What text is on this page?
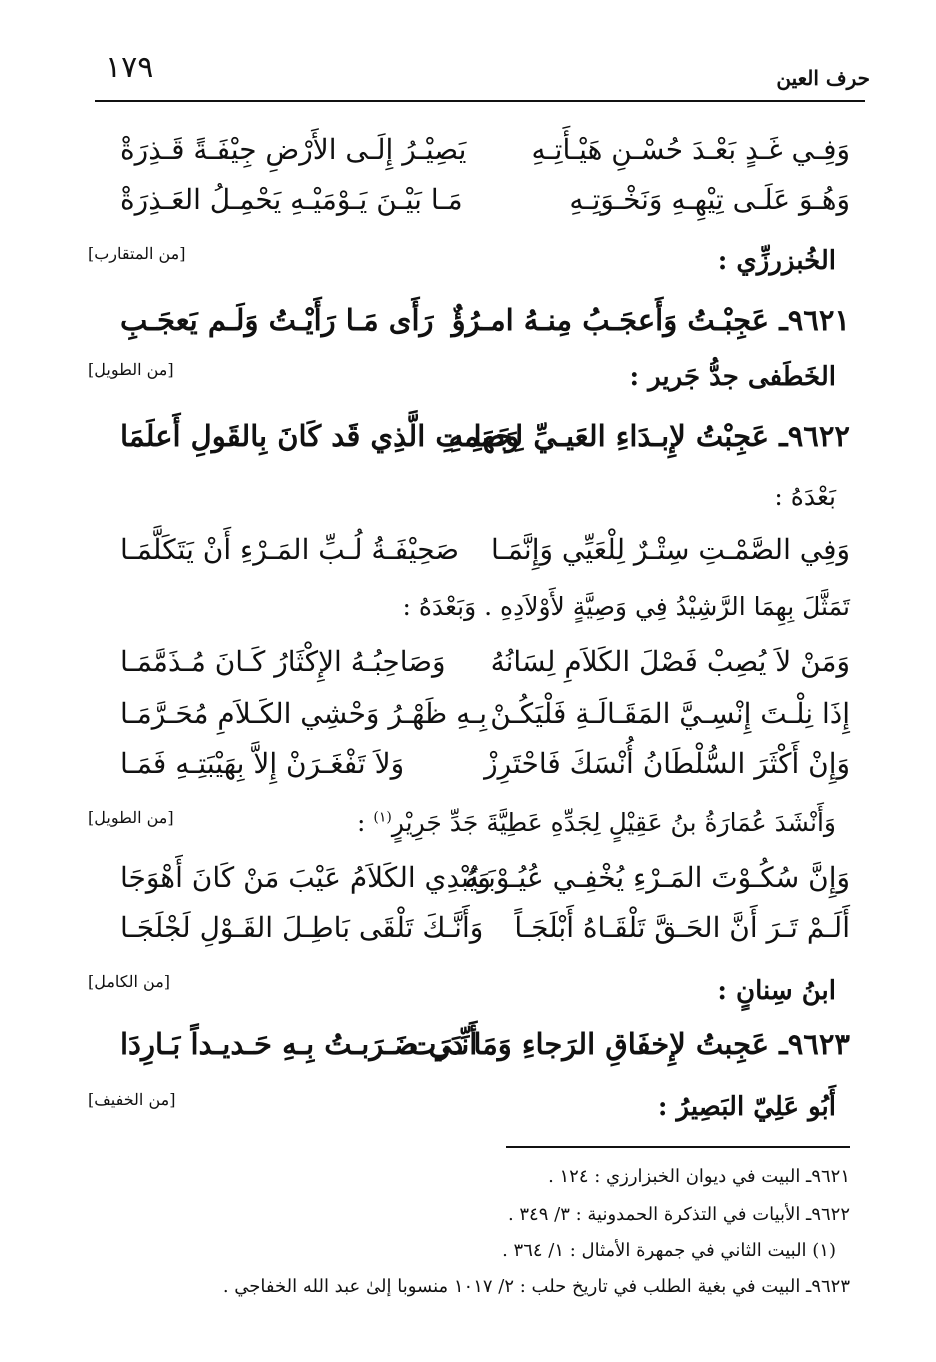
حرف العين
١٧٩
وَفِـي غَـدٍ بَعْـدَ حُسْـنِ هَيْـأَتِـهِ
يَصِيْـرُ إِلَـى الأَرْضِ جِيْفَـةً قَـذِرَةْ
وَهُـوَ عَلَـى تِيْهِـهِ وَنَخْـوَتِـهِ
مَـا بَيْـنَ يَـوْمَيْـهِ يَحْمِـلُ العَـذِرَةْ
الخُبزرزِّي :
[من المتقارب]
٩٦٢١ـ عَجِبْـتُ وَأَعجَـبُ مِنـهُ امـرُؤٌ
رَأَى مَـا رَأَيْـتُ وَلَـم يَعجَـبِ
الخَطَفى جدُّ جَرير :
[من الطويل]
٩٦٢٢ـ عَجِبْتُ لإِبـدَاءِ العَيـيِّ لِجَهلِـهِ
وَصَمتِ الَّذِي قَد كَانَ بِالقَولِ أَعلَمَا
بَعْدَهُ :
وَفِي الصَّمْـتِ سِتْـرٌ لِلْعَيِّي وَإِنَّمَـا
صَحِيْفَـةُ لُـبِّ المَـرْءِ أَنْ يَتَكَلَّمَـا
تَمَثَّلَ بِهِمَا الرَّشِيْدُ فِي وَصِيَّةٍ لأَوْلاَدِهِ . وَبَعْدَهُ :
وَمَنْ لاَ يُصِبْ فَصْلَ الكَلاَمِ لِسَانُهُ
وَصَاحِبُـهُ الإِكْثَارُ كَـانَ مُـذَمَّمَـا
إِذَا نِلْـتَ إِنْسِـيَّ المَقَـالَـةِ فَلْيَكُـنْ
بِـهِ ظَهْـرُ وَحْشِي الكَـلاَمِ مُحَـرَّمَـا
وَإِنْ أَكْثَرَ السُّلْطَانُ أُنْسَكَ فَاحْتَرِزْ
وَلاَ تَفْغَـرَنْ إِلاَّ بِهَيْبَتِـهِ فَمَـا
وَأَنْشَدَ عُمَارَةُ بنُ عَقِيْلٍ لِجَدِّهِ عَطِيَّةَ جَدِّ جَرِيْرٍ$^{(١)}$ :
[من الطويل]
وَإِنَّ سُكُـوْتَ المَـرْءِ يُخْفِـي عُيُـوْبَـهُ
وَيُبْدِي الكَلاَمُ عَيْبَ مَنْ كَانَ أَهْوَجَا
أَلَـمْ تَـرَ أَنَّ الحَـقَّ تَلْقَـاهُ أَبْلَجَـاً
وَأَنَّـكَ تَلْقَى بَاطِـلَ القَـوْلِ لَجْلَجَـا
ابنُ سِنانٍ :
[من الكامل]
٩٦٢٣ـ عَجِبتُ لإِخفَاقِ الرَجاءِ وَمَا دَرَت
أَنِّـي ضَـرَبـتُ بِـهِ حَـديـداً بَـارِدَا
أَبُو عَلِيّ البَصِيرُ :
[من الخفيف]
٩٦٢١ـ البيت في ديوان الخبزارزي : ١٢٤ .
٩٦٢٢ـ الأبيات في التذكرة الحمدونية : ٣/ ٣٤٩ .
(١) البيت الثاني في جمهرة الأمثال : ١/ ٣٦٤ .
٩٦٢٣ـ البيت في بغية الطلب في تاريخ حلب : ٢/ ١٠١٧ منسوبا إلىٰ عبد الله الخفاجي .
